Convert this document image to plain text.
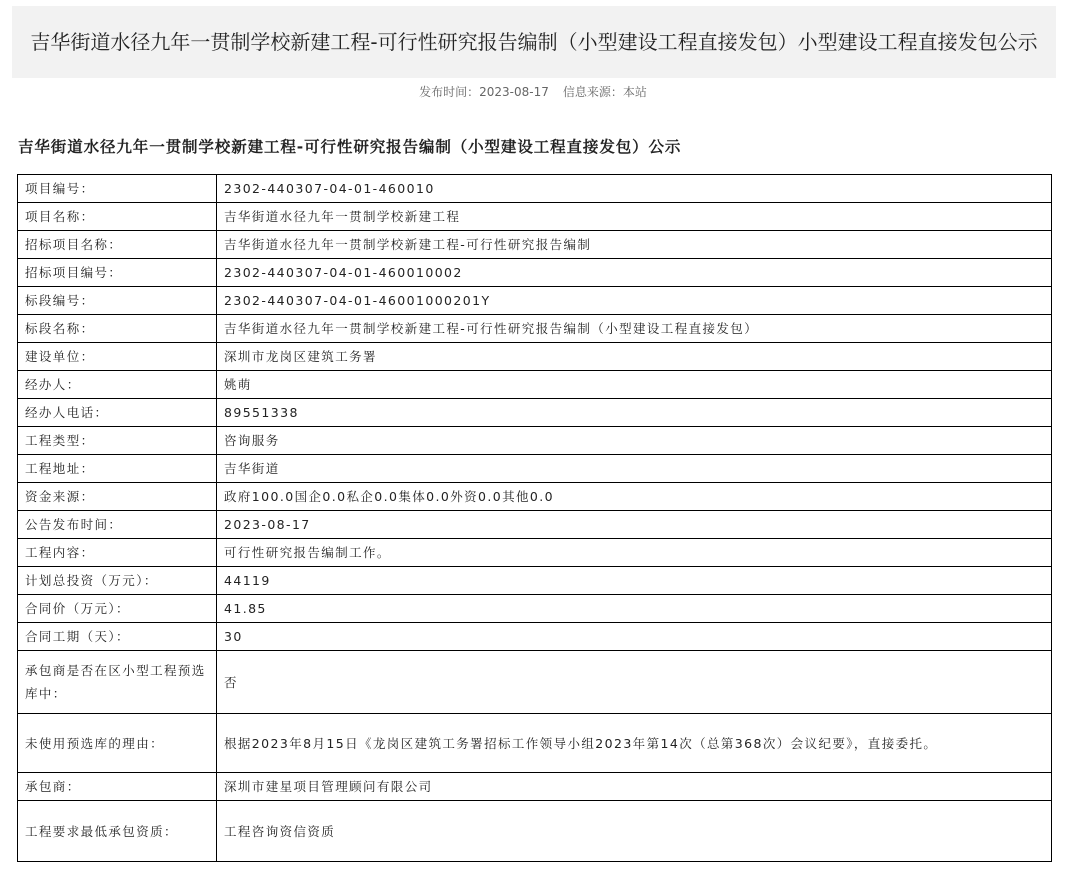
吉华街道水径九年一贯制学校新建工程-可行性研究报告编制（小型建设工程直接发包）小型建设工程直接发包公示
发布时间：2023-08-17 信息来源：本站
吉华街道水径九年一贯制学校新建工程-可行性研究报告编制（小型建设工程直接发包）公示
项目编号：	2302-440307-04-01-460010
项目名称：	吉华街道水径九年一贯制学校新建工程
招标项目名称：	吉华街道水径九年一贯制学校新建工程-可行性研究报告编制
招标项目编号：	2302-440307-04-01-460010002
标段编号：	2302-440307-04-01-46001000201Y
标段名称：	吉华街道水径九年一贯制学校新建工程-可行性研究报告编制（小型建设工程直接发包）
建设单位：	深圳市龙岗区建筑工务署
经办人：	姚萌
经办人电话：	89551338
工程类型：	咨询服务
工程地址：	吉华街道
资金来源：	政府100.0国企0.0私企0.0集体0.0外资0.0其他0.0
公告发布时间：	2023-08-17
工程内容：	可行性研究报告编制工作。
计划总投资（万元）：	44119
合同价（万元）：	41.85
合同工期（天）：	30
承包商是否在区小型工程预选库中：	否
未使用预选库的理由：	根据2023年8月15日《龙岗区建筑工务署招标工作领导小组2023年第14次（总第368次）会议纪要》，直接委托。
承包商：	深圳市建星项目管理顾问有限公司
工程要求最低承包资质：	工程咨询资信资质
